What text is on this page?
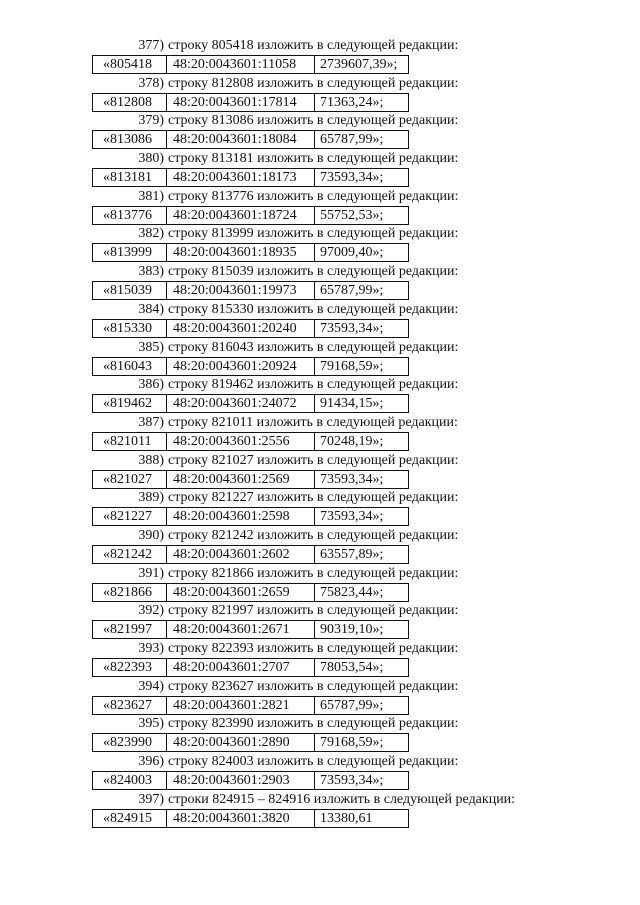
377) строку 805418 изложить в следующей редакции:
«805418	48:20:0043601:11058	2739607,39»;
378) строку 812808 изложить в следующей редакции:
«812808	48:20:0043601:17814	71363,24»;
379) строку 813086 изложить в следующей редакции:
«813086	48:20:0043601:18084	65787,99»;
380) строку 813181 изложить в следующей редакции:
«813181	48:20:0043601:18173	73593,34»;
381) строку 813776 изложить в следующей редакции:
«813776	48:20:0043601:18724	55752,53»;
382) строку 813999 изложить в следующей редакции:
«813999	48:20:0043601:18935	97009,40»;
383) строку 815039 изложить в следующей редакции:
«815039	48:20:0043601:19973	65787,99»;
384) строку 815330 изложить в следующей редакции:
«815330	48:20:0043601:20240	73593,34»;
385) строку 816043 изложить в следующей редакции:
«816043	48:20:0043601:20924	79168,59»;
386) строку 819462 изложить в следующей редакции:
«819462	48:20:0043601:24072	91434,15»;
387) строку 821011 изложить в следующей редакции:
«821011	48:20:0043601:2556	70248,19»;
388) строку 821027 изложить в следующей редакции:
«821027	48:20:0043601:2569	73593,34»;
389) строку 821227 изложить в следующей редакции:
«821227	48:20:0043601:2598	73593,34»;
390) строку 821242 изложить в следующей редакции:
«821242	48:20:0043601:2602	63557,89»;
391) строку 821866 изложить в следующей редакции:
«821866	48:20:0043601:2659	75823,44»;
392) строку 821997 изложить в следующей редакции:
«821997	48:20:0043601:2671	90319,10»;
393) строку 822393 изложить в следующей редакции:
«822393	48:20:0043601:2707	78053,54»;
394) строку 823627 изложить в следующей редакции:
«823627	48:20:0043601:2821	65787,99»;
395) строку 823990 изложить в следующей редакции:
«823990	48:20:0043601:2890	79168,59»;
396) строку 824003 изложить в следующей редакции:
«824003	48:20:0043601:2903	73593,34»;
397) строки 824915 – 824916 изложить в следующей редакции:
«824915	48:20:0043601:3820	13380,61
